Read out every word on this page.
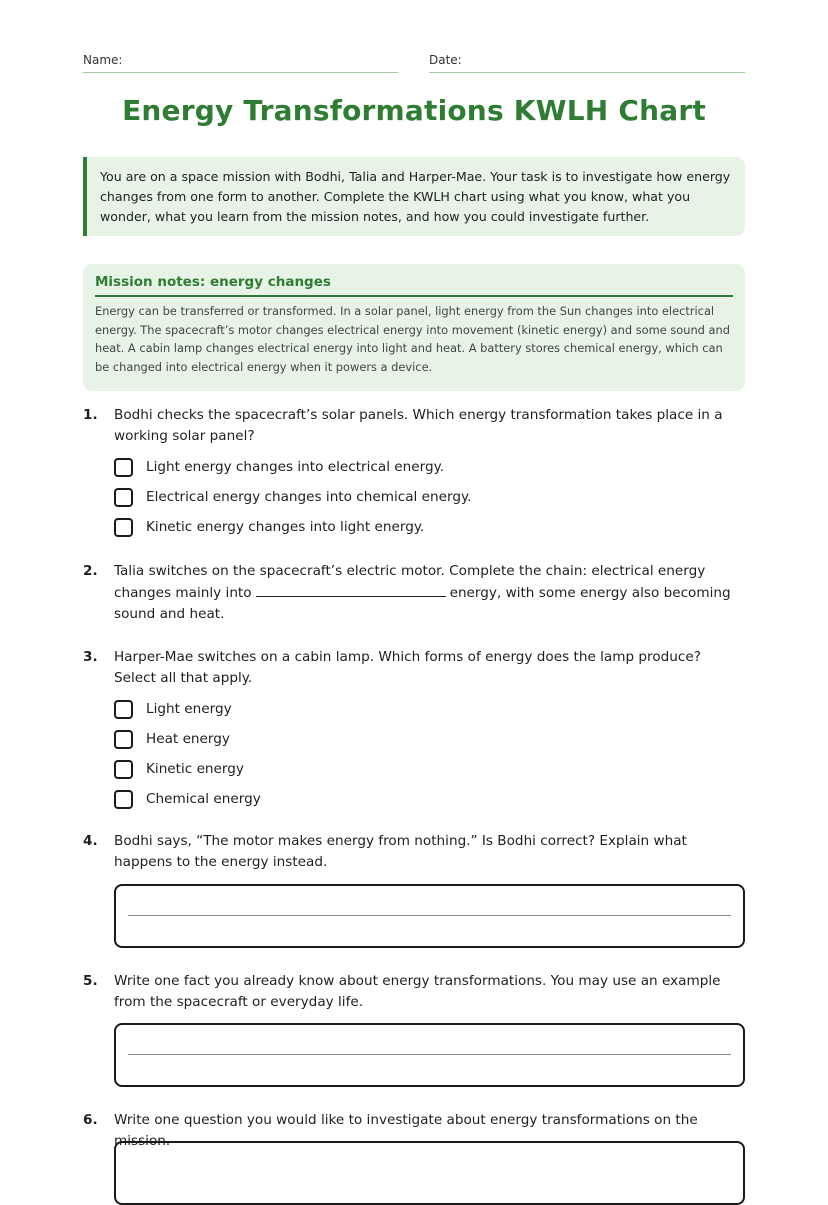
Name:	Date:
Energy Transformations KWLH Chart
You are on a space mission with Bodhi, Talia and Harper-Mae. Your task is to investigate how energy changes from one form to another. Complete the KWLH chart using what you know, what you wonder, what you learn from the mission notes, and how you could investigate further.
Mission notes: energy changes
Energy can be transferred or transformed. In a solar panel, light energy from the Sun changes into electrical energy. The spacecraft’s motor changes electrical energy into movement (kinetic energy) and some sound and heat. A cabin lamp changes electrical energy into light and heat. A battery stores chemical energy, which can be changed into electrical energy when it powers a device.
1. Bodhi checks the spacecraft’s solar panels. Which energy transformation takes place in a working solar panel?
Light energy changes into electrical energy.
Electrical energy changes into chemical energy.
Kinetic energy changes into light energy.
2. Talia switches on the spacecraft’s electric motor. Complete the chain: electrical energy changes mainly into	energy, with some energy also becoming sound and heat.
3. Harper-Mae switches on a cabin lamp. Which forms of energy does the lamp produce? Select all that apply.
Light energy
Heat energy
Kinetic energy
Chemical energy
4. Bodhi says, “The motor makes energy from nothing.” Is Bodhi correct? Explain what happens to the energy instead.
5. Write one fact you already know about energy transformations. You may use an example from the spacecraft or everyday life.
6. Write one question you would like to investigate about energy transformations on the mission.
